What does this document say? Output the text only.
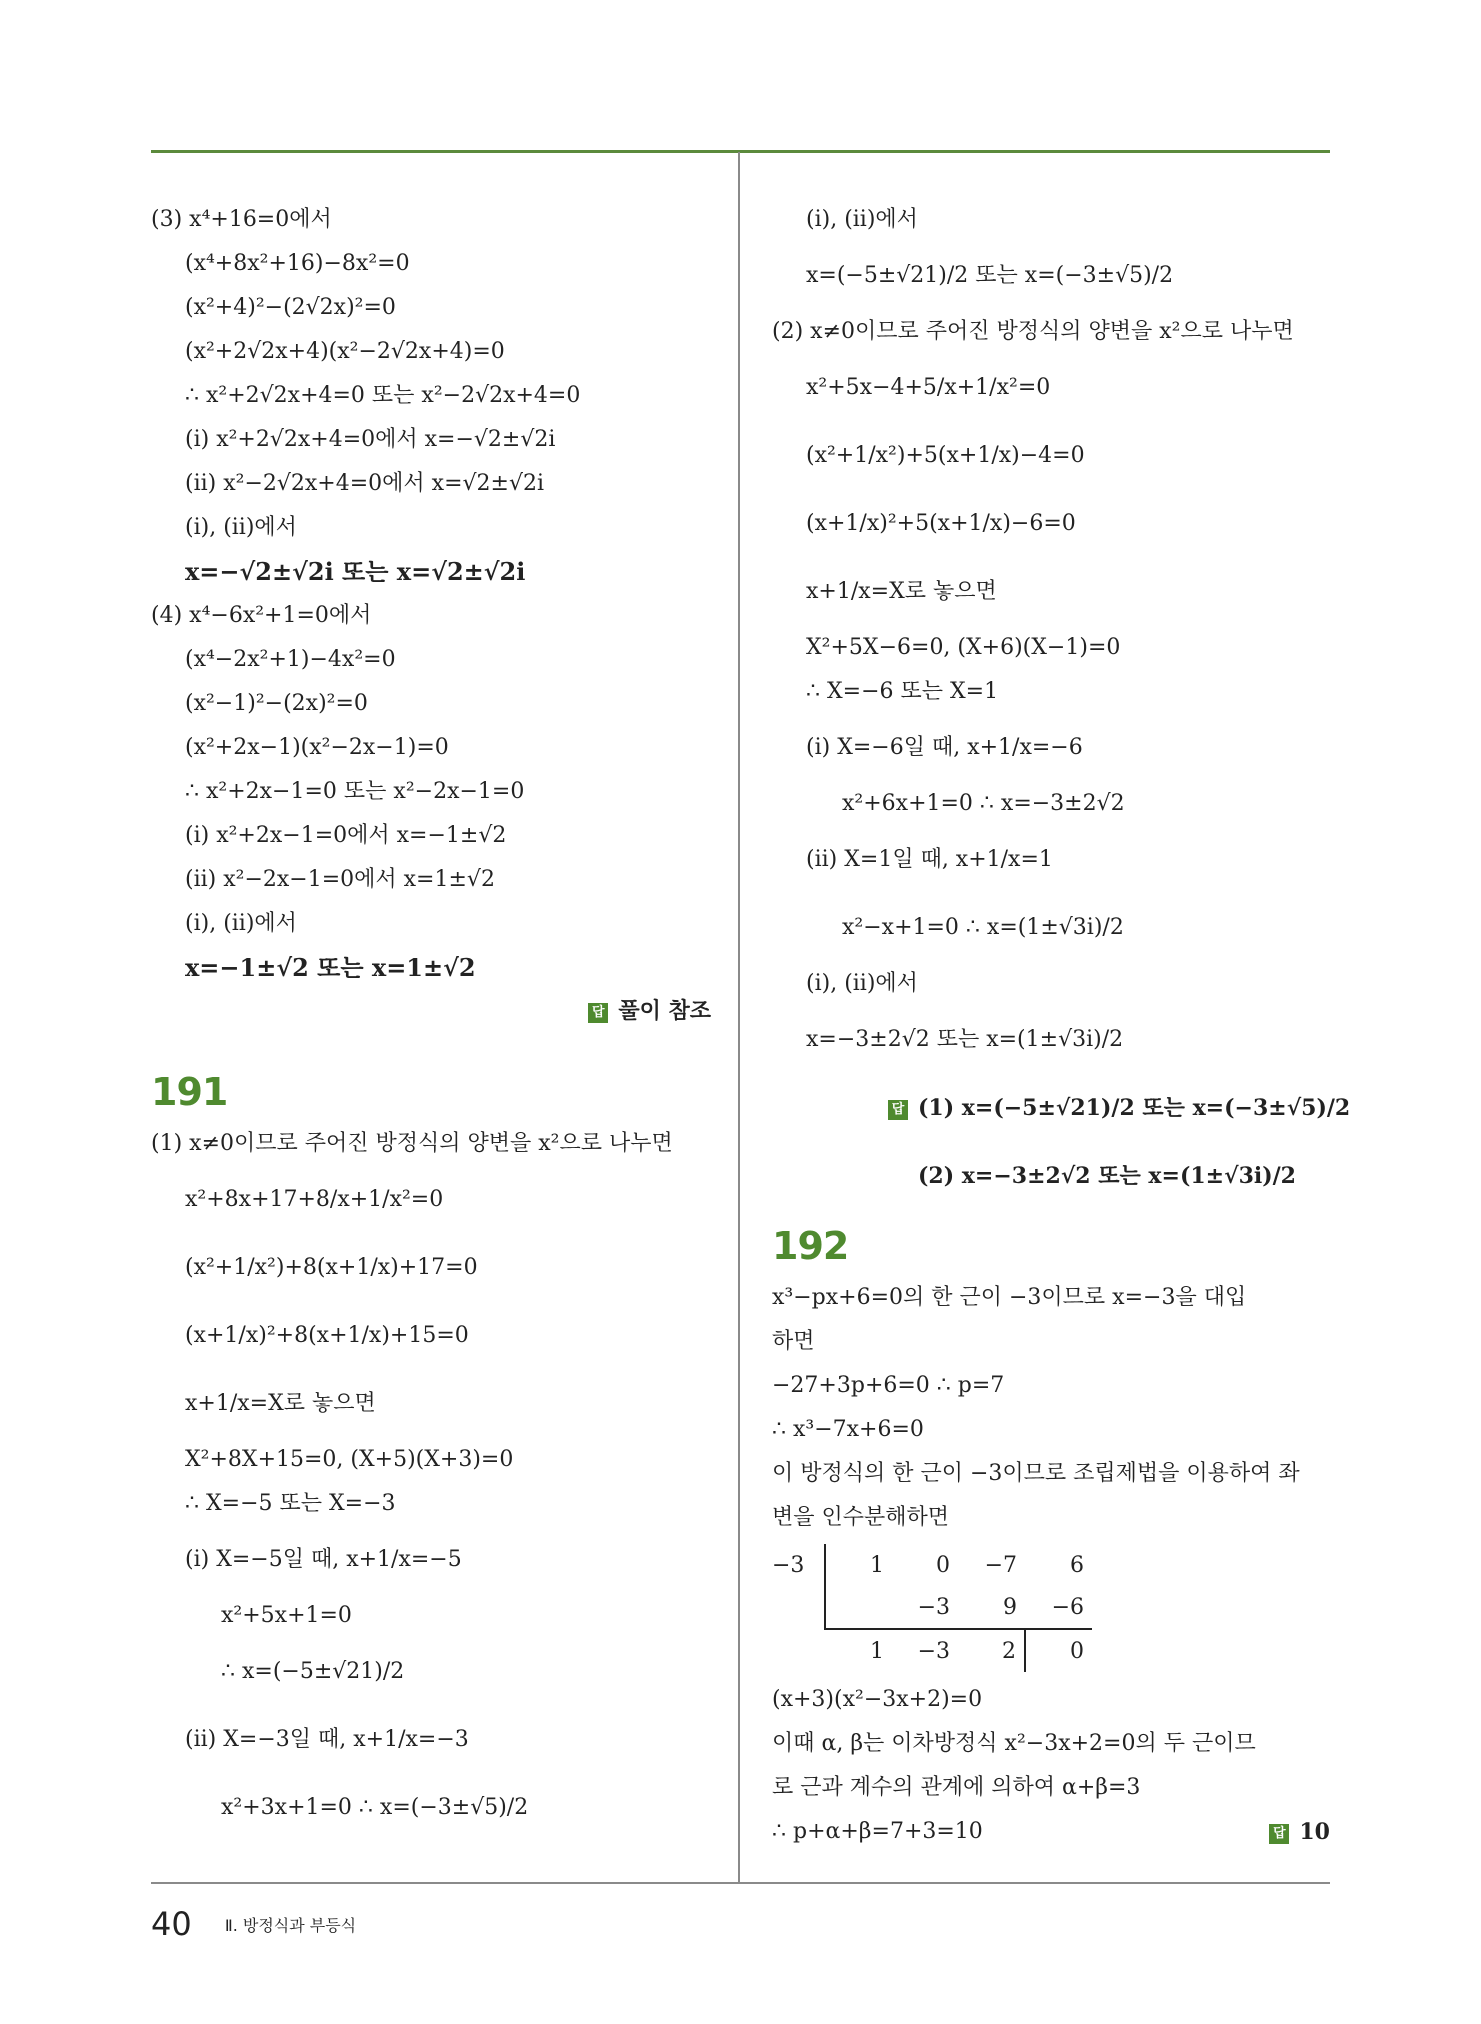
(3) x⁴+16=0에서
(x⁴+8x²+16)−8x²=0
(x²+4)²−(2√2x)²=0
(x²+2√2x+4)(x²−2√2x+4)=0
∴ x²+2√2x+4=0 또는 x²−2√2x+4=0
(i) x²+2√2x+4=0에서 x=−√2±√2i
(ii) x²−2√2x+4=0에서 x=√2±√2i
(i), (ii)에서
x=−√2±√2i 또는 x=√2±√2i
(4) x⁴−6x²+1=0에서
(x⁴−2x²+1)−4x²=0
(x²−1)²−(2x)²=0
(x²+2x−1)(x²−2x−1)=0
∴ x²+2x−1=0 또는 x²−2x−1=0
(i) x²+2x−1=0에서 x=−1±√2
(ii) x²−2x−1=0에서 x=1±√2
(i), (ii)에서
x=−1±√2 또는 x=1±√2
답 풀이 참조
191
(1) x≠0이므로 주어진 방정식의 양변을 x²으로 나누면
x²+8x+17+8/x+1/x²=0
(x²+1/x²)+8(x+1/x)+17=0
(x+1/x)²+8(x+1/x)+15=0
x+1/x=X로 놓으면
X²+8X+15=0, (X+5)(X+3)=0
∴ X=−5 또는 X=−3
(i) X=−5일 때, x+1/x=−5
x²+5x+1=0
∴ x=(−5±√21)/2
(ii) X=−3일 때, x+1/x=−3
x²+3x+1=0 ∴ x=(−3±√5)/2
(i), (ii)에서
x=(−5±√21)/2 또는 x=(−3±√5)/2
(2) x≠0이므로 주어진 방정식의 양변을 x²으로 나누면
x²+5x−4+5/x+1/x²=0
(x²+1/x²)+5(x+1/x)−4=0
(x+1/x)²+5(x+1/x)−6=0
x+1/x=X로 놓으면
X²+5X−6=0, (X+6)(X−1)=0
∴ X=−6 또는 X=1
(i) X=−6일 때, x+1/x=−6
x²+6x+1=0 ∴ x=−3±2√2
(ii) X=1일 때, x+1/x=1
x²−x+1=0 ∴ x=(1±√3i)/2
(i), (ii)에서
x=−3±2√2 또는 x=(1±√3i)/2
답 (1) x=(−5±√21)/2 또는 x=(−3±√5)/2
(2) x=−3±2√2 또는 x=(1±√3i)/2
192
x³−px+6=0의 한 근이 −3이므로 x=−3을 대입
하면
−27+3p+6=0 ∴ p=7
∴ x³−7x+6=0
이 방정식의 한 근이 −3이므로 조립제법을 이용하여 좌
변을 인수분해하면
−3	1	0	−7	6
		−3	9	−6
	1	−3	2	0
(x+3)(x²−3x+2)=0
이때 α, β는 이차방정식 x²−3x+2=0의 두 근이므
로 근과 계수의 관계에 의하여 α+β=3
∴ p+α+β=7+3=10	답 10
40 Ⅱ. 방정식과 부등식
